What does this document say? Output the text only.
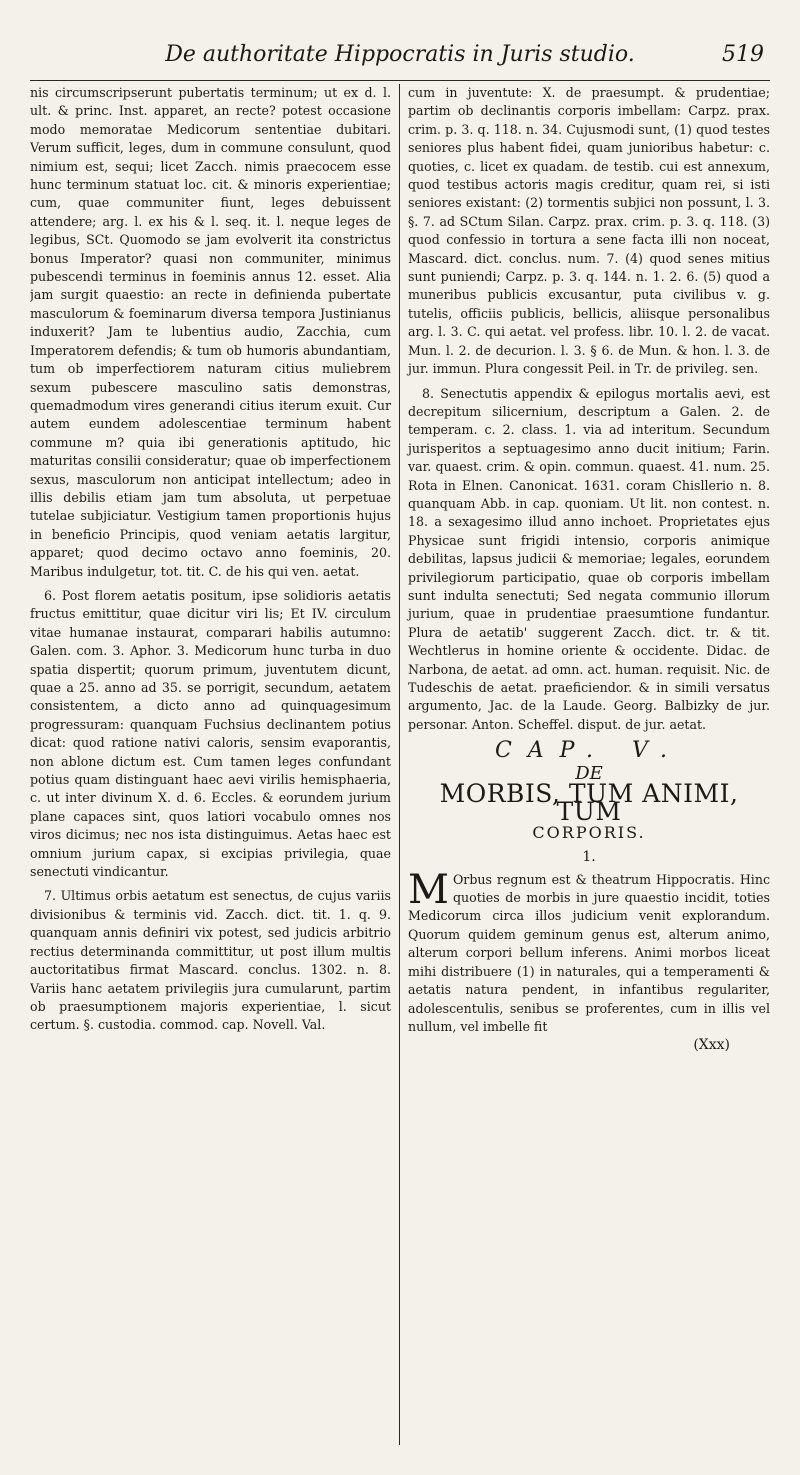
De authoritate Hippocratis in Juris studio.	519

nis circumscripserunt pubertatis terminum; ut ex d. l. ult. & princ. Inst. apparet, an recte? potest occasione modo memoratae Medicorum sententiae dubitari. Verum sufficit, leges, dum in commune consulunt, quod nimium est, sequi; licet Zacch. nimis praecocem esse hunc terminum statuat loc. cit. & minoris experientiae; cum, quae communiter fiunt, leges debuissent attendere; arg. l. ex his & l. seq. it. l. neque leges de legibus, SCt. Quomodo se jam evolverit ita constrictus bonus Imperator? quasi non communiter, minimus pubescendi terminus in foeminis annus 12. esset. Alia jam surgit quaestio: an recte in definienda pubertate masculorum & foeminarum diversa tempora Justinianus induxerit? Jam te lubentius audio, Zacchia, cum Imperatorem defendis; & tum ob humoris abundantiam, tum ob imperfectiorem naturam citius muliebrem sexum pubescere masculino satis demonstras, quemadmodum vires generandi citius iterum exuit. Cur autem eundem adolescentiae terminum habent commune m? quia ibi generationis aptitudo, hic maturitas consilii consideratur; quae ob imperfectionem sexus, masculorum non anticipat intellectum; adeo in illis debilis etiam jam tum absoluta, ut perpetuae tutelae subjiciatur. Vestigium tamen proportionis hujus in beneficio Principis, quod veniam aetatis largitur, apparet; quod decimo octavo anno foeminis, 20. Maribus indulgetur, tot. tit. C. de his qui ven. aetat.

6. Post florem aetatis positum, ipse solidioris aetatis fructus emittitur, quae dicitur viri lis; Et IV. circulum vitae humanae instaurat, comparari habilis autumno: Galen. com. 3. Aphor. 3. Medicorum hunc turba in duo spatia dispertit; quorum primum, juventutem dicunt, quae a 25. anno ad 35. se porrigit, secundum, aetatem consistentem, a dicto anno ad quinquagesimum progressuram: quanquam Fuchsius declinantem potius dicat: quod ratione nativi caloris, sensim evaporantis, non ablone dictum est. Cum tamen leges confundant potius quam distinguant haec aevi virilis hemisphaeria, c. ut inter divinum X. d. 6. Eccles. & eorundem jurium plane capaces sint, quos latiori vocabulo omnes nos viros dicimus; nec nos ista distinguimus. Aetas haec est omnium jurium capax, si excipias privilegia, quae senectuti vindicantur.

7. Ultimus orbis aetatum est senectus, de cujus variis divisionibus & terminis vid. Zacch. dict. tit. 1. q. 9. quanquam annis definiri vix potest, sed judicis arbitrio rectius determinanda committitur, ut post illum multis auctoritatibus firmat Mascard. conclus. 1302. n. 8. Variis hanc aetatem privilegiis jura cumularunt, partim ob praesumptionem majoris experientiae, l. sicut certum. §. custodia. commod. cap. Novell. Val.

cum in juventute: X. de praesumpt. & prudentiae; partim ob declinantis corporis imbellam: Carpz. prax. crim. p. 3. q. 118. n. 34. Cujusmodi sunt, (1) quod testes seniores plus habent fidei, quam junioribus habetur: c. quoties, c. licet ex quadam. de testib. cui est annexum, quod testibus actoris magis creditur, quam rei, si isti seniores existant: (2) tormentis subjici non possunt, l. 3. §. 7. ad SCtum Silan. Carpz. prax. crim. p. 3. q. 118. (3) quod confessio in tortura a sene facta illi non noceat, Mascard. dict. conclus. num. 7. (4) quod senes mitius sunt puniendi; Carpz. p. 3. q. 144. n. 1. 2. 6. (5) quod a muneribus publicis excusantur, puta civilibus v. g. tutelis, officiis publicis, bellicis, aliisque personalibus arg. l. 3. C. qui aetat. vel profess. libr. 10. l. 2. de vacat. Mun. l. 2. de decurion. l. 3. § 6. de Mun. & hon. l. 3. de jur. immun. Plura congessit Peil. in Tr. de privileg. sen.

8. Senectutis appendix & epilogus mortalis aevi, est decrepitum silicernium, descriptum a Galen. 2. de temperam. c. 2. class. 1. via ad interitum. Secundum jurisperitos a septuagesimo anno ducit initium; Farin. var. quaest. crim. & opin. commun. quaest. 41. num. 25. Rota in Elnen. Canonicat. 1631. coram Chisllerio n. 8. quanquam Abb. in cap. quoniam. Ut lit. non contest. n. 18. a sexagesimo illud anno inchoet. Proprietates ejus Physicae sunt frigidi intensio, corporis animique debilitas, lapsus judicii & memoriae; legales, eorundem privilegiorum participatio, quae ob corporis imbellam sunt indulta senectuti; Sed negata communio illorum jurium, quae in prudentiae praesumtione fundantur. Plura de aetatib' suggerent Zacch. dict. tr. & tit. Wechtlerus in homine oriente & occidente. Didac. de Narbona, de aetat. ad omn. act. human. requisit. Nic. de Tudeschis de aetat. praeficiendor. & in simili versatus argumento, Jac. de la Laude. Georg. Balbizky de jur. personar. Anton. Scheffel. disput. de jur. aetat.

CAP. V.
DE
MORBIS, TUM ANIMI, TUM
CORPORIS.
1.

M Orbus regnum est & theatrum Hippocratis. Hinc quoties de morbis in jure quaestio incidit, toties Medicorum circa illos judicium venit explorandum. Quorum quidem geminum genus est, alterum animo, alterum corpori bellum inferens. Animi morbos liceat mihi distribuere (1) in naturales, qui a temperamenti & aetatis natura pendent, in infantibus regulariter, adolescentulis, senibus se proferentes, cum in illis vel nullum, vel imbelle fit

(Xxx)
